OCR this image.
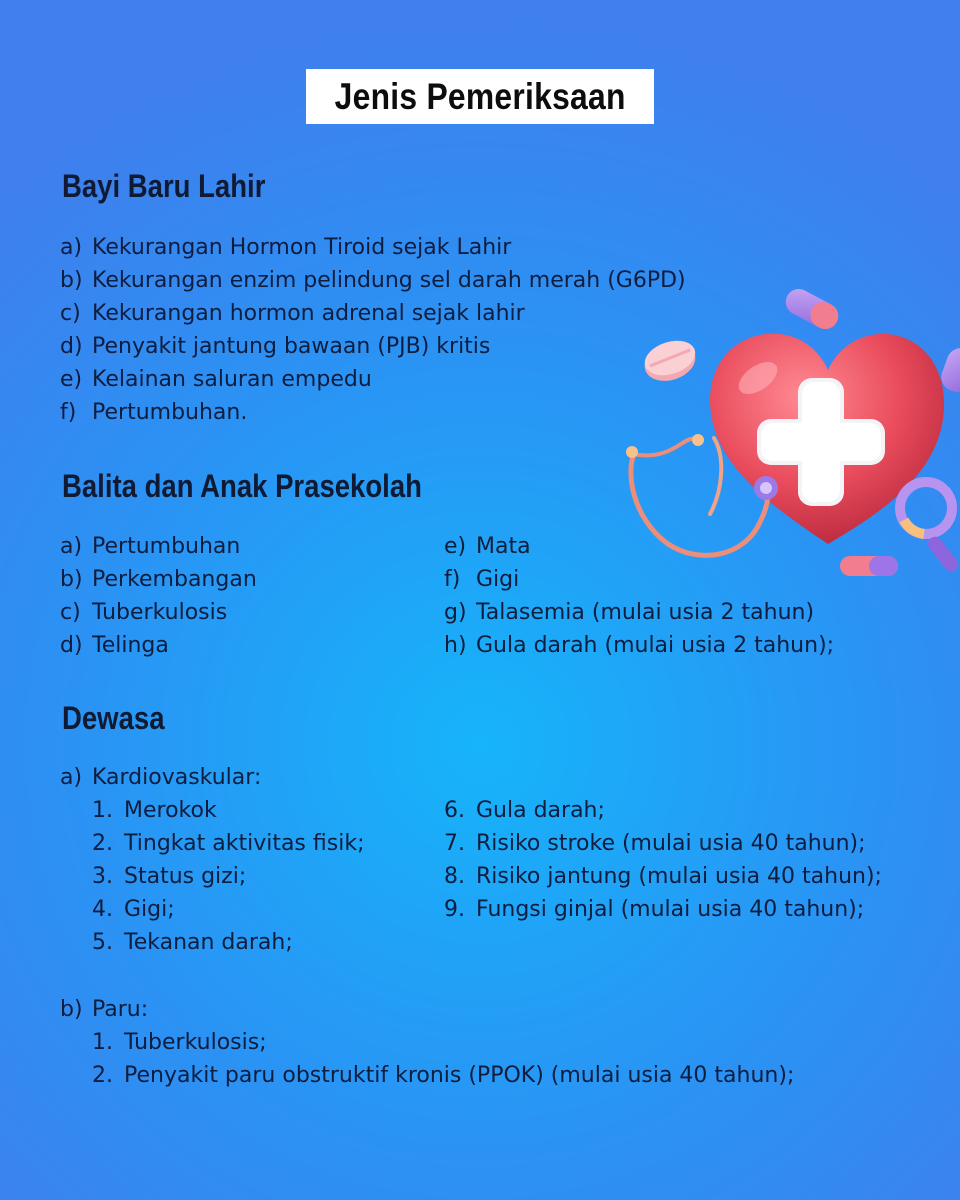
Jenis Pemeriksaan
Bayi Baru Lahir
a) Kekurangan Hormon Tiroid sejak Lahir
b) Kekurangan enzim pelindung sel darah merah (G6PD)
c) Kekurangan hormon adrenal sejak lahir
d) Penyakit jantung bawaan (PJB) kritis
e) Kelainan saluran empedu
f) Pertumbuhan.
Balita dan Anak Prasekolah
a) Pertumbuhan
b) Perkembangan
c) Tuberkulosis
d) Telinga
e) Mata
f) Gigi
g) Talasemia (mulai usia 2 tahun)
h) Gula darah (mulai usia 2 tahun);
Dewasa
a) Kardiovaskular:
1. Merokok
2. Tingkat aktivitas fisik;
3. Status gizi;
4. Gigi;
5. Tekanan darah;
6. Gula darah;
7. Risiko stroke (mulai usia 40 tahun);
8. Risiko jantung (mulai usia 40 tahun);
9. Fungsi ginjal (mulai usia 40 tahun);
b) Paru:
1. Tuberkulosis;
2. Penyakit paru obstruktif kronis (PPOK) (mulai usia 40 tahun);
